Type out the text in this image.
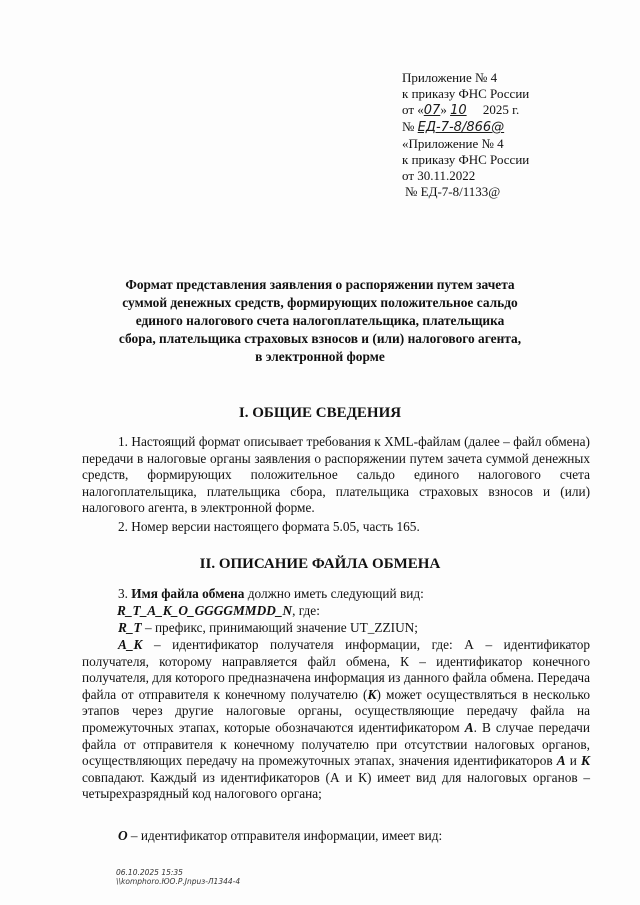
Приложение № 4
к приказу ФНС России
от «07» 10 2025 г.
№ ЕД-7-8/866@
«Приложение № 4
к приказу ФНС России
от 30.11.2022
№ ЕД-7-8/1133@
Формат представления заявления о распоряжении путем зачета
суммой денежных средств, формирующих положительное сальдо
единого налогового счета налогоплательщика, плательщика
сбора, плательщика страховых взносов и (или) налогового агента,
в электронной форме
I. ОБЩИЕ СВЕДЕНИЯ
1. Настоящий формат описывает требования к XML-файлам (далее – файл обмена) передачи в налоговые органы заявления о распоряжении путем зачета суммой денежных средств, формирующих положительное сальдо единого налогового счета налогоплательщика, плательщика сбора, плательщика страховых взносов и (или) налогового агента, в электронной форме.
2. Номер версии настоящего формата 5.05, часть 165.
II. ОПИСАНИЕ ФАЙЛА ОБМЕНА
3. Имя файла обмена должно иметь следующий вид:
R_T_A_K_O_GGGGMMDD_N, где:
R_T – префикс, принимающий значение UT_ZZIUN;
A_K – идентификатор получателя информации, где: А – идентификатор получателя, которому направляется файл обмена, К – идентификатор конечного получателя, для которого предназначена информация из данного файла обмена. Передача файла от отправителя к конечному получателю (К) может осуществляться в несколько этапов через другие налоговые органы, осуществляющие передачу файла на промежуточных этапах, которые обозначаются идентификатором А. В случае передачи файла от отправителя к конечному получателю при отсутствии налоговых органов, осуществляющих передачу на промежуточных этапах, значения идентификаторов А и К совпадают. Каждый из идентификаторов (А и К) имеет вид для налоговых органов – четырехразрядный код налогового органа;
O – идентификатор отправителя информации, имеет вид:
06.10.2025 15:35
\\komphoro.ЮО.Р.Jnpuз-Л1344-4
